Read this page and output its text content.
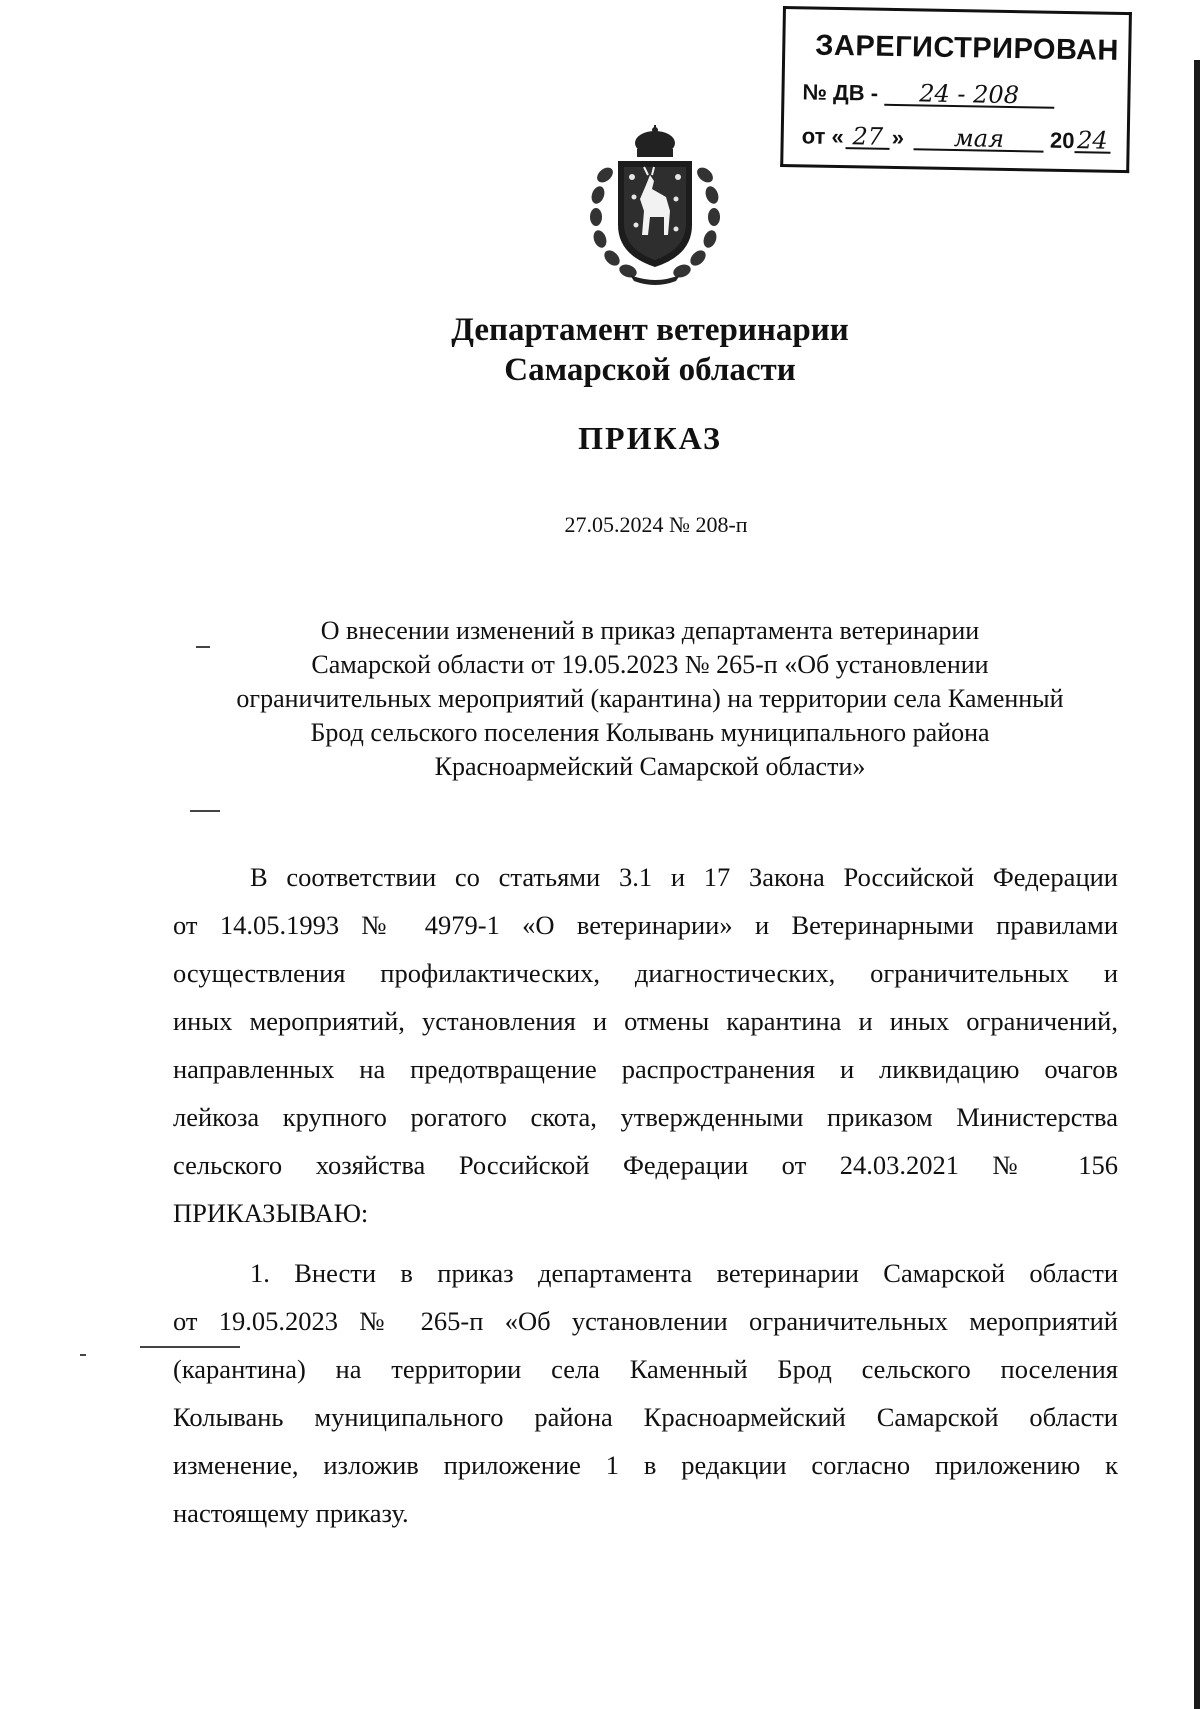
ЗАРЕГИСТРИРОВАН
№ ДВ - 24 - 208
от « 27 » мая 2024
Департамент ветеринарии
Самарской области
ПРИКАЗ
27.05.2024 № 208-п
О внесении изменений в приказ департамента ветеринарии
Самарской области от 19.05.2023 № 265-п «Об установлении
ограничительных мероприятий (карантина) на территории села Каменный
Брод сельского поселения Колывань муниципального района
Красноармейский Самарской области»
В соответствии со статьями 3.1 и 17 Закона Российской Федерации
от 14.05.1993 № 4979-1 «О ветеринарии» и Ветеринарными правилами
осуществления профилактических, диагностических, ограничительных и
иных мероприятий, установления и отмены карантина и иных ограничений,
направленных на предотвращение распространения и ликвидацию очагов
лейкоза крупного рогатого скота, утвержденными приказом Министерства
сельского хозяйства Российской Федерации от 24.03.2021 № 156
ПРИКАЗЫВАЮ:
1. Внести в приказ департамента ветеринарии Самарской области
от 19.05.2023 № 265-п «Об установлении ограничительных мероприятий
(карантина) на территории села Каменный Брод сельского поселения
Колывань муниципального района Красноармейский Самарской области
изменение, изложив приложение 1 в редакции согласно приложению к
настоящему приказу.
